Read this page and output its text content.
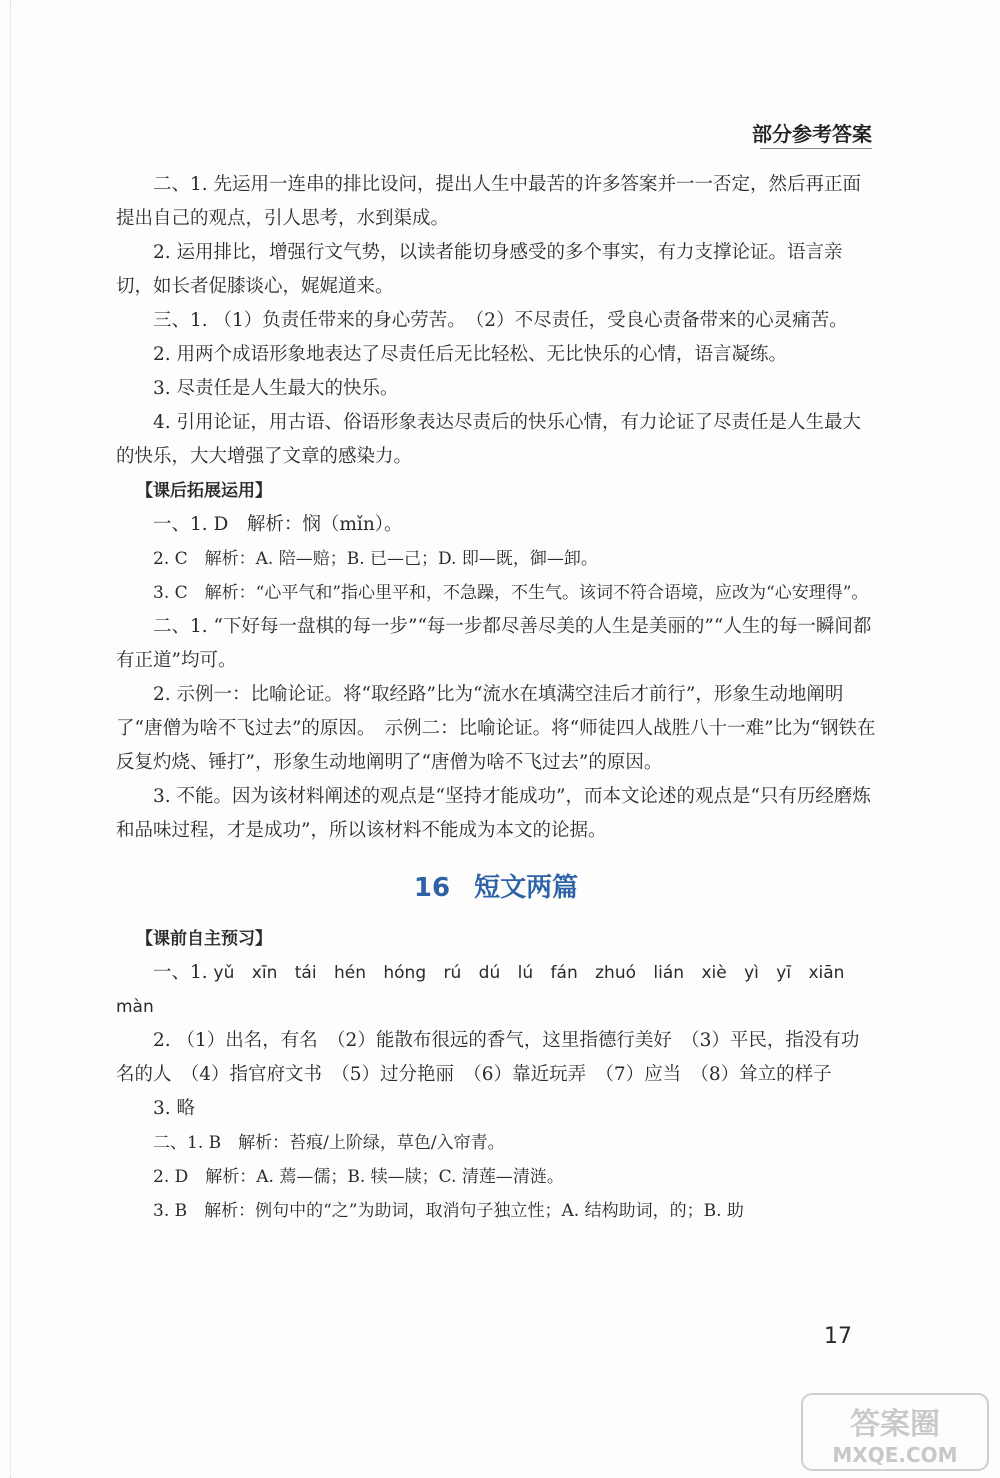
部分参考答案

二、1. 先运用一连串的排比设问，提出人生中最苦的许多答案并一一否定，然后再正面提出自己的观点，引人思考，水到渠成。

2. 运用排比，增强行文气势，以读者能切身感受的多个事实，有力支撑论证。语言亲切，如长者促膝谈心，娓娓道来。

三、1. （1）负责任带来的身心劳苦。　（2）不尽责任，受良心责备带来的心灵痛苦。

2. 用两个成语形象地表达了尽责任后无比轻松、无比快乐的心情，语言凝练。

3. 尽责任是人生最大的快乐。

4. 引用论证，用古语、俗语形象表达尽责后的快乐心情，有力论证了尽责任是人生最大的快乐，大大增强了文章的感染力。

【课后拓展运用】

一、1. D　解析：悯（mǐn）。

2. C　解析：A. 陪—赔；B. 已—己；D. 即—既，御—卸。

3. C　解析：“心平气和”指心里平和，不急躁，不生气。该词不符合语境，应改为“心安理得”。

二、1. “下好每一盘棋的每一步”“每一步都尽善尽美的人生是美丽的”“人生的每一瞬间都有正道”均可。

2. 示例一：比喻论证。将“取经路”比为“流水在填满空洼后才前行”，形象生动地阐明了“唐僧为啥不飞过去”的原因。　示例二：比喻论证。将“师徒四人战胜八十一难”比为“钢铁在反复灼烧、锤打”，形象生动地阐明了“唐僧为啥不飞过去”的原因。

3. 不能。因为该材料阐述的观点是“坚持才能成功”，而本文论述的观点是“只有历经磨炼和品味过程，才是成功”，所以该材料不能成为本文的论据。

16 短文两篇

【课前自主预习】

一、1. yǔ xīn tái hén hóng rú dú lú fán zhuó lián xiè yì yī xiān màn

2. （1）出名，有名　（2）能散布很远的香气，这里指德行美好　（3）平民，指没有功名的人　（4）指官府文书　（5）过分艳丽　（6）靠近玩弄　（7）应当　（8）耸立的样子

3. 略

二、1. B　解析：苔痕/上阶绿，草色/入帘青。

2. D　解析：A. 蔫—儒；B. 犊—牍；C. 清莲—清涟。

3. B　解析：例句中的“之”为助词，取消句子独立性；A. 结构助词，的；B. 助

17
答案圈
MXQE.COM
